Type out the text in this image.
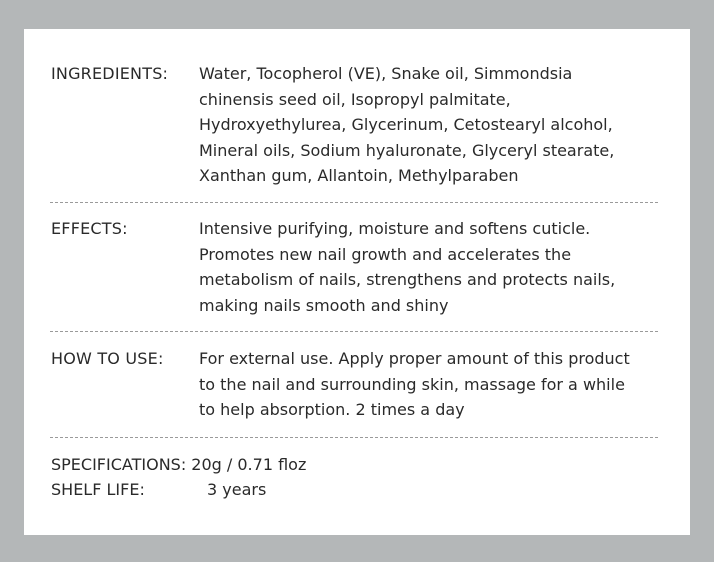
INGREDIENTS: Water, Tocopherol (VE), Snake oil, Simmondsia
chinensis seed oil, Isopropyl palmitate,
Hydroxyethylurea, Glycerinum, Cetostearyl alcohol,
Mineral oils, Sodium hyaluronate, Glyceryl stearate,
Xanthan gum, Allantoin, Methylparaben
EFFECTS:	Intensive purifying, moisture and softens cuticle.
Promotes new nail growth and accelerates the
metabolism of nails, strengthens and protects nails,
making nails smooth and shiny
HOW TO USE: For external use. Apply proper amount of this product
to the nail and surrounding skin, massage for a while
to help absorption. 2 times a day
SPECIFICATIONS: 20g / 0.71 floz
SHELF LIFE:	3 years
